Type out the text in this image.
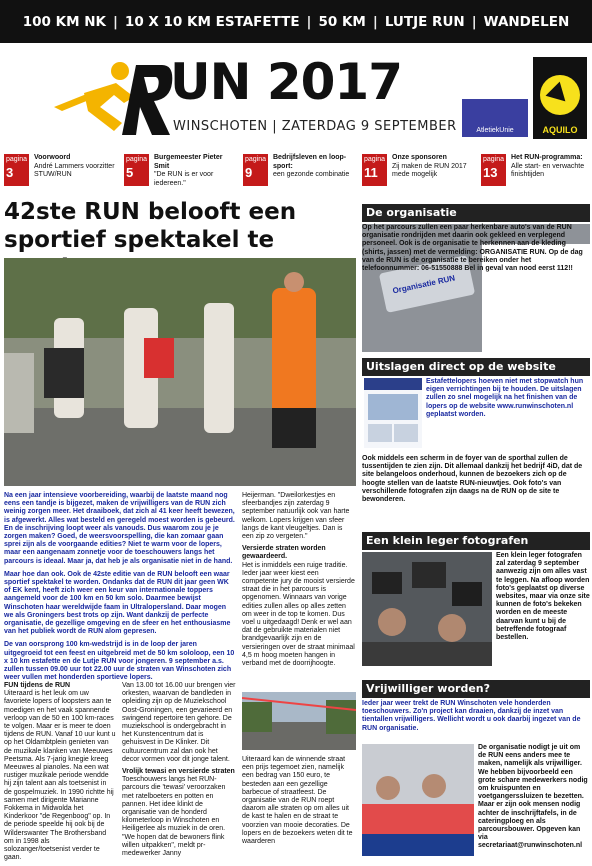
100 KM NK | 10 X 10 KM ESTAFETTE | 50 KM | LUTJE RUN | WANDELEN
UN 2017
WINSCHOTEN | ZATERDAG 9 SEPTEMBER	AtletiekUnie	AQUILO
pagina
3
Voorwoord
André Lammers voorzitter STUW/RUN
pagina
5
Burgemeester Pieter Smit
"De RUN is er voor iedereen."
pagina
9
Bedrijfsleven en loop-sport:
een gezonde combinatie
pagina
11
Onze sponsoren
Zij maken de RUN 2017 mede mogelijk
pagina
13
Het RUN-programma:
Alle start- en verwachte finishtijden
42ste RUN belooft een sportief spektakel te

Na een jaar intensieve voorbereiding, waarbij de laatste maand nog eens een tandje is bijgezet, maken de vrijwilligers van de RUN zich weinig zorgen meer. Het draaiboek, dat zich al 41 keer heeft bewezen, is afgewerkt. Alles wat besteld en geregeld moest worden is gebeurd. En de inschrijving loopt weer als vanouds. Dus waarom zou je je zorgen maken? Goed, de weersvoorspelling, die kan zomaar gaan sprei zijn als de voorgaande edities? Niet te warm voor de lopers, maar een aangenaam zonnetje voor de toeschouwers langs het parcours is ideaal. Maar ja, dat heb je als organisatie niet in de hand.

Maar hoe dan ook. Ook de 42ste editie van de RUN belooft een waar sportief spektakel te worden. Ondanks dat de RUN dit jaar geen WK of EK kent, heeft zich weer een keur van internationale toppers aangemeld voor de 100 km en 50 km solo. Daarmee bewijst Winschoten haar wereldwijde faam in Ultralopersland. Daar mogen we als Groningers best trots op zijn. Want dankzij de perfecte organisatie, de gezellige omgeving en de sfeer en het enthousiasme van het publiek wordt de RUN alom gepresen.

De van oorsprong 100 km-wedstrijd is in de loop der jaren uitgegroeid tot een feest en uitgebreid met de 50 km sololoop, een 10 x 10 km estafette en de Lutje RUN voor jongeren. 9 september a.s. zullen tussen 09.00 uur tot 22.00 uur de straten van Winschoten zich weer vullen met honderden sportieve lopers.

FUN tijdens de RUN
Uiteraard is het leuk om uw favoriete lopers of loopsters aan te moedigen en het vaak spannende verloop van de 50 en 100 km-races te volgen. Maar er is meer te doen tijdens de RUN. Vanaf 10 uur kunt u op het Oldambtplein genieten van de muzikale klanken van Meeuwes Peetsma. Als 7-jarig knegie kreeg Meeuwes al pianoles. Na een wat rustiger muzikale periode wendde hij zijn talent aan als toetsenist in de gospelmuziek. In 1990 richtte hij samen met dirigente Marianne Fokkema in Midwolda het Kinderkoor "de Regenboog" op. In de periode speelde hij ook bij de Wilderswanter The Brothersband om in 1998 als solozanger/toetsenist verder te gaan.

Van 13.00 tot 16.00 uur brengen vier orkesten, waarvan de bandleden in opleiding zijn op de Muziekschool Oost-Groningen, een gevarieerd en swingend repertoire ten gehore. De muziekschool is ondergebracht in het Kunstencentrum dat is gehuisvest in De Klinker. Dit cultuurcentrum zal dan ook het decor vormen voor dit jonge talent.

Vrolijk tewasi en versierde straten
Toeschouwers langs het RUN-parcours die 'tewasi' veroorzaken met ratelboeters en potten en pannen. Het idee klinkt de organisatie van de honderd kilometerloop in Winschoten en Heiligerlee als muziek in de oren. "We hopen dat de bewoners flink willen uitpakken", meldt pr-medewerker Janny

Heijerman. "Dweilorkestjes en sfeerbandjes zijn zaterdag 9 september natuurlijk ook van harte welkom. Lopers krijgen van sfeer langs de kant vleugeltjes. Dan is een zip zo vergeten."

Versierde straten worden gewaardeerd.
Het is inmiddels een ruige traditie. Ieder jaar weer kiest een competente jury de mooist versierde straat die in het parcours is opgenomen. Winnaars van vorige edities zullen alles op alles zetten om weer in de top te komen. Dus voel u uitgedaagd! Denk er wel aan dat de gebruikte materialen niet brandgevaarlijk zijn en de versieringen over de straat minimaal 4,5 m hoog moeten hangen in verband met de doorrijhoogte.

Uiteraard kan de winnende straat een prijs tegemoet zien, namelijk een bedrag van 150 euro, te besteden aan een gezellige barbecue of straatfeest. De organisatie van de RUN roept daarom alle straten op om alles uit de kast te halen en de straat te voorzien van mooie decoraties. De lopers en de bezoekers weten dit te waarderen

De organisatie
Organisatie RUN
Op het parcours zullen een paar herkenbare auto's van de RUN organisatie rondrijden met daarin ook gekleed en verplegend personeel. Ook is de organisatie te herkennen aan de kleding (shirts, jassen) met de vermelding: ORGANISATIE RUN. Op de dag van de RUN is de organisatie te bereiken onder het telefoonnummer: 06-51550888 Bel in geval van nood eerst 112!!
Uitslagen direct op de website
Estafettelopers hoeven niet met stopwatch hun eigen verrichtingen bij te houden. De uitslagen zullen zo snel mogelijk na het finishen van de lopers op de website www.runwinschoten.nl geplaatst worden.
Ook middels een scherm in de foyer van de sporthal zullen de tussentijden te zien zijn. Dit allemaal dankzij het bedrijf 4iD, dat de site belangeloos onderhoud, kunnen de bezoekers zich op de hoogte stellen van de laatste RUN-nieuwtjes. Ook foto's van verschillende fotografen zijn daags na de RUN op de site te bewonderen.
Een klein leger fotografen
Een klein leger fotografen zal zaterdag 9 september aanwezig zijn om alles vast te leggen. Na afloop worden foto's geplaatst op diverse websites, maar via onze site kunnen de foto's bekeken worden en de meeste daarvan kunt u bij de betreffende fotograaf bestellen.
Vrijwilliger worden?
Ieder jaar weer trekt de RUN Winschoten vele honderden toeschouwers. Zo'n project kan draaien, dankzij de inzet van tientallen vrijwilligers. Wellicht wordt u ook daarbij ingezet van de RUN organisatie.
De organisatie nodigt je uit om de RUN eens anders mee te maken, namelijk als vrijwilliger. We hebben bijvoorbeeld een grote schare medewerkers nodig om kruispunten en voetgangerssluizen te bezetten. Maar er zijn ook mensen nodig achter de inschrijftafels, in de cateringploeg en als parcoursbouwer. Opgeven kan via secretariaat@runwinschoten.nl
